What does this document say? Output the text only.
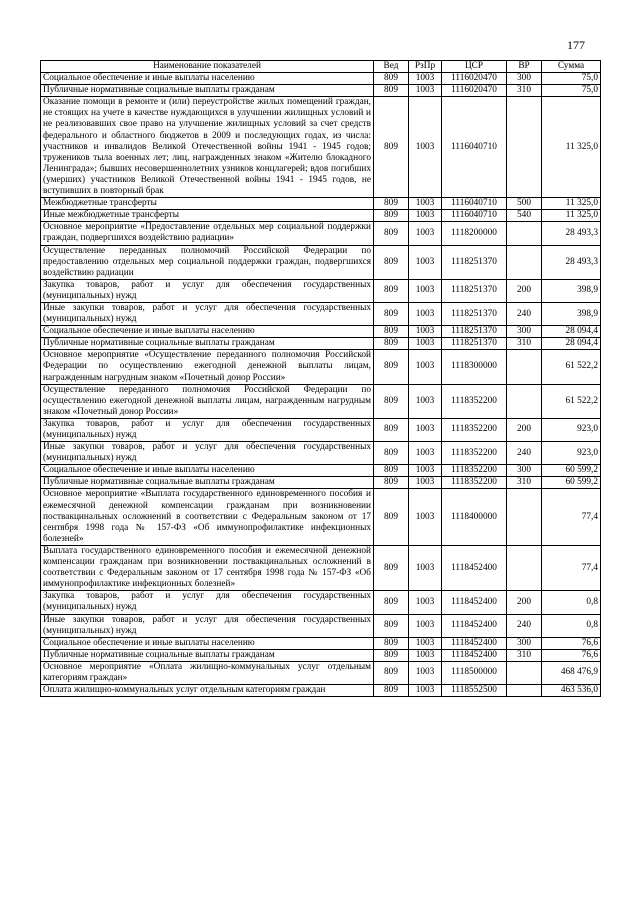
177
Наименование показателей	Вед	РзПр	ЦСР	ВР	Сумма
Социальное обеспечение и иные выплаты населению	809	1003	1116020470	300	75,0
Публичные нормативные социальные выплаты гражданам	809	1003	1116020470	310	75,0
Оказание помощи в ремонте и (или) переустройстве жилых помещений граждан, не стоящих на учете в качестве нуждающихся в улучшении жилищных условий и не реализовавших свое право на улучшение жилищных условий за счет средств федерального и областного бюджетов в 2009 и последующих годах, из числа: участников и инвалидов Великой Отечественной войны 1941 - 1945 годов; тружеников тыла военных лет; лиц, награжденных знаком «Жителю блокадного Ленинграда»; бывших несовершеннолетних узников концлагерей; вдов погибших (умерших) участников Великой Отечественной войны 1941 - 1945 годов, не вступивших в повторный брак	809	1003	1116040710		11 325,0
Межбюджетные трансферты	809	1003	1116040710	500	11 325,0
Иные межбюджетные трансферты	809	1003	1116040710	540	11 325,0
Основное мероприятие «Предоставление отдельных мер социальной поддержки граждан, подвергшихся воздействию радиации»	809	1003	1118200000		28 493,3
Осуществление переданных полномочий Российской Федерации по предоставлению отдельных мер социальной поддержки граждан, подвергшихся воздействию радиации	809	1003	1118251370		28 493,3
Закупка товаров, работ и услуг для обеспечения государственных (муниципальных) нужд	809	1003	1118251370	200	398,9
Иные закупки товаров, работ и услуг для обеспечения государственных (муниципальных) нужд	809	1003	1118251370	240	398,9
Социальное обеспечение и иные выплаты населению	809	1003	1118251370	300	28 094,4
Публичные нормативные социальные выплаты гражданам	809	1003	1118251370	310	28 094,4
Основное мероприятие «Осуществление переданного полномочия Российской Федерации по осуществлению ежегодной денежной выплаты лицам, награжденным нагрудным знаком «Почетный донор России»	809	1003	1118300000		61 522,2
Осуществление переданного полномочия Российской Федерации по осуществлению ежегодной денежной выплаты лицам, награжденным нагрудным знаком «Почетный донор России»	809	1003	1118352200		61 522,2
Закупка товаров, работ и услуг для обеспечения государственных (муниципальных) нужд	809	1003	1118352200	200	923,0
Иные закупки товаров, работ и услуг для обеспечения государственных (муниципальных) нужд	809	1003	1118352200	240	923,0
Социальное обеспечение и иные выплаты населению	809	1003	1118352200	300	60 599,2
Публичные нормативные социальные выплаты гражданам	809	1003	1118352200	310	60 599,2
Основное мероприятие «Выплата государственного единовременного пособия и ежемесячной денежной компенсации гражданам при возникновении поствакцинальных осложнений в соответствии с Федеральным законом от 17 сентября 1998 года № 157-ФЗ «Об иммунопрофилактике инфекционных болезней»	809	1003	1118400000		77,4
Выплата государственного единовременного пособия и ежемесячной денежной компенсации гражданам при возникновении поствакцинальных осложнений в соответствии с Федеральным законом от 17 сентября 1998 года № 157-ФЗ «Об иммунопрофилактике инфекционных болезней»	809	1003	1118452400		77,4
Закупка товаров, работ и услуг для обеспечения государственных (муниципальных) нужд	809	1003	1118452400	200	0,8
Иные закупки товаров, работ и услуг для обеспечения государственных (муниципальных) нужд	809	1003	1118452400	240	0,8
Социальное обеспечение и иные выплаты населению	809	1003	1118452400	300	76,6
Публичные нормативные социальные выплаты гражданам	809	1003	1118452400	310	76,6
Основное мероприятие «Оплата жилищно-коммунальных услуг отдельным категориям граждан»	809	1003	1118500000		468 476,9
Оплата жилищно-коммунальных услуг отдельным категориям граждан	809	1003	1118552500		463 536,0
